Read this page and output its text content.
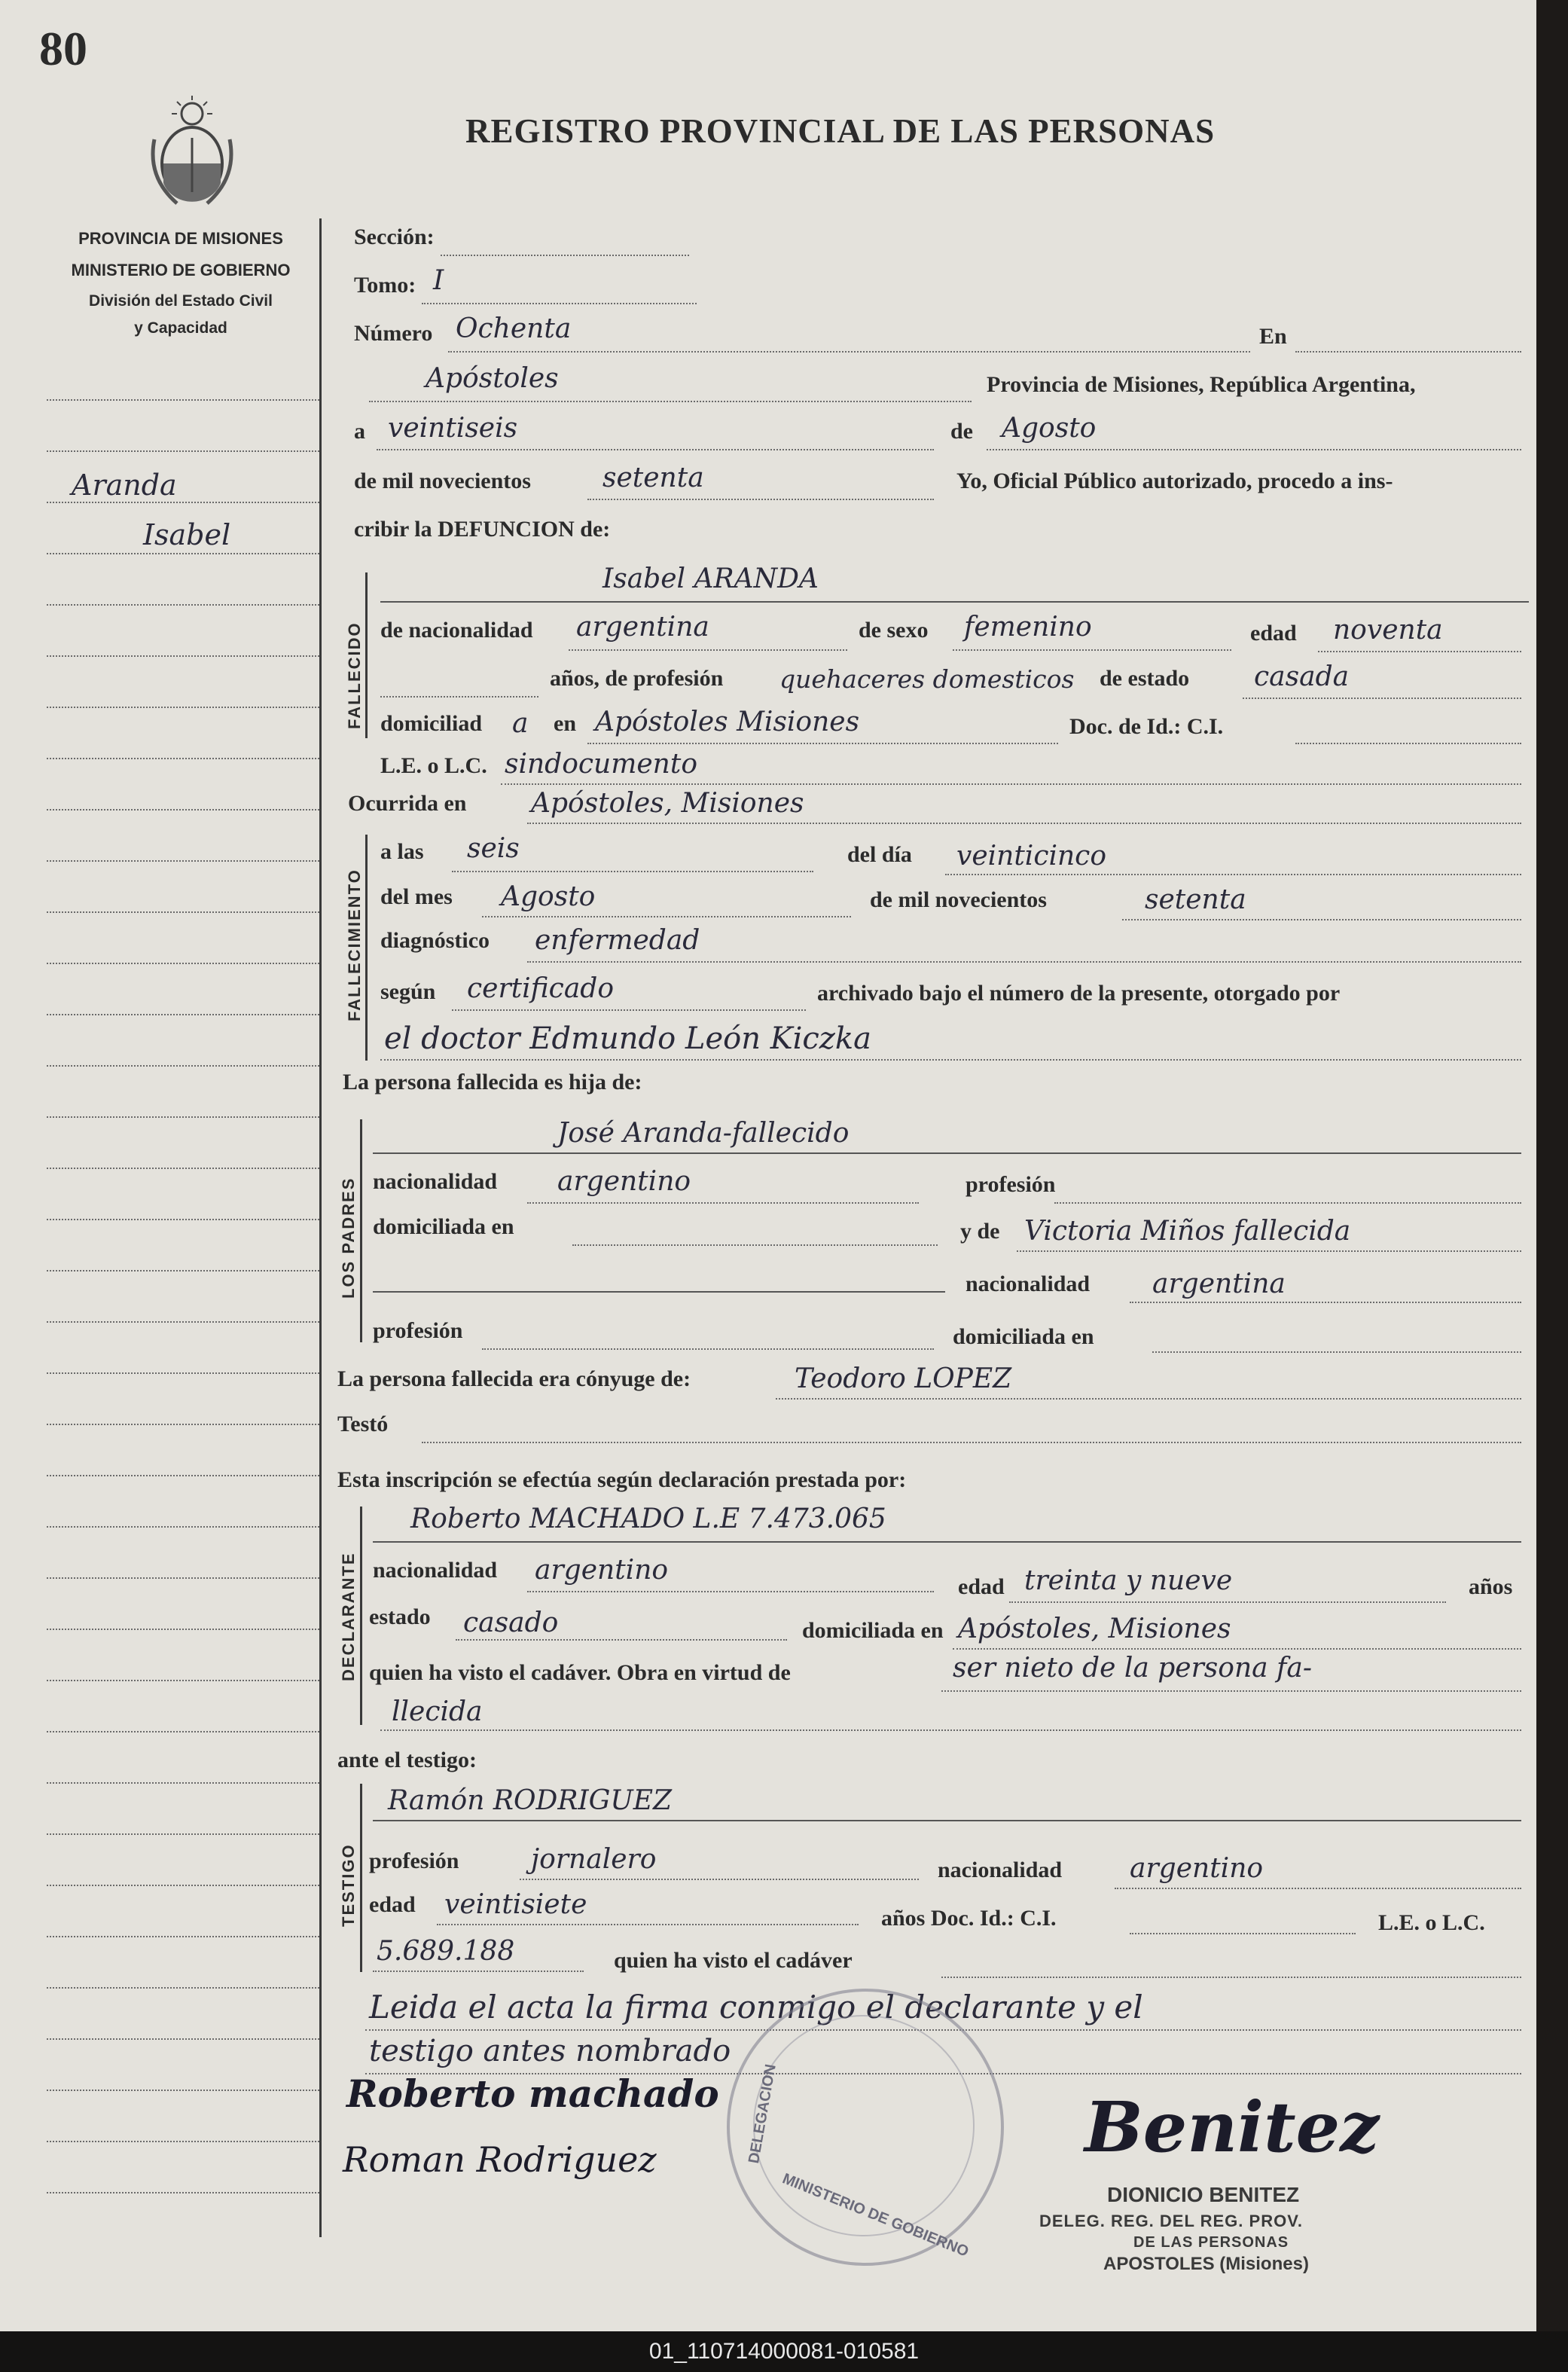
80
REGISTRO PROVINCIAL DE LAS PERSONAS
PROVINCIA DE MISIONES
MINISTERIO DE GOBIERNO
División del Estado Civil
y Capacidad
Aranda
Isabel
Sección:
Tomo: I
Número Ochenta	En
Apóstoles	Provincia de Misiones, República Argentina,
a veintiseis	de Agosto
de mil novecientos	setenta	Yo, Oficial Público autorizado, procedo a ins-
cribir la DEFUNCION de:
FALLECIDO
Isabel ARANDA
de nacionalidad argentina	de sexo femenino	edad noventa
años, de profesión quehaceres domesticos de estado casada
domiciliad a en Apóstoles Misiones	Doc. de Id.: C.I.
L.E. o L.C. sindocumento
Ocurrida en Apóstoles, Misiones
FALLECIMIENTO
a las seis	del día veinticinco
del mes Agosto	de mil novecientos	setenta
diagnóstico enfermedad
según certificado	archivado bajo el número de la presente, otorgado por
el doctor Edmundo León Kiczka
La persona fallecida es hija de:
LOS PADRES
José Aranda-fallecido
nacionalidad argentino	profesión
domiciliada en	y de Victoria Miños fallecida
nacionalidad argentina
profesión	domiciliada en
La persona fallecida era cónyuge de:	Teodoro LOPEZ
Testó
Esta inscripción se efectúa según declaración prestada por:
DECLARANTE
Roberto MACHADO L.E 7.473.065
nacionalidad argentino
edad treinta y nueve	años
estado casado	domiciliada en Apóstoles, Misiones
quien ha visto el cadáver. Obra en virtud de	ser nieto de la persona fa-
llecida
ante el testigo:
TESTIGO
Ramón RODRIGUEZ
profesión	jornalero	nacionalidad argentino
edad veintisiete	años Doc. Id.: C.I.	L.E. o L.C.
5.689.188	quien ha visto el cadáver
Leida el acta la firma conmigo el declarante y el
testigo antes nombrado
DELEGACION
MINISTERIO DE GOBIERNO
Roberto machado
Roman Rodriguez	Benitez
DIONICIO BENITEZ
DELEG. REG. DEL REG. PROV.
DE LAS PERSONAS
APOSTOLES (Misiones)
01_110714000081-010581
